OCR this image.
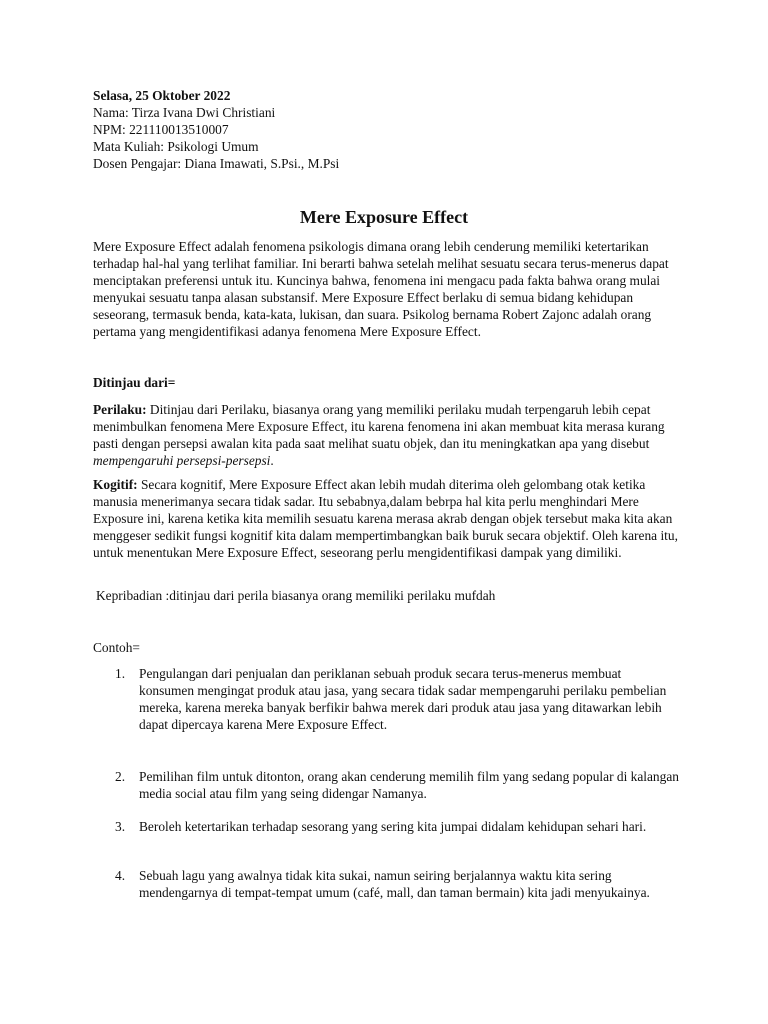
Selasa, 25 Oktober 2022
Nama: Tirza Ivana Dwi Christiani
NPM: 221110013510007
Mata Kuliah: Psikologi Umum
Dosen Pengajar: Diana Imawati, S.Psi., M.Psi
Mere Exposure Effect

Mere Exposure Effect adalah fenomena psikologis dimana orang lebih cenderung memiliki ketertarikan terhadap hal-hal yang terlihat familiar. Ini berarti bahwa setelah melihat sesuatu secara terus-menerus dapat menciptakan preferensi untuk itu. Kuncinya bahwa, fenomena ini mengacu pada fakta bahwa orang mulai menyukai sesuatu tanpa alasan substansif. Mere Exposure Effect berlaku di semua bidang kehidupan seseorang, termasuk benda, kata-kata, lukisan, dan suara. Psikolog bernama Robert Zajonc adalah orang pertama yang mengidentifikasi adanya fenomena Mere Exposure Effect.

Ditinjau dari=

Perilaku: Ditinjau dari Perilaku, biasanya orang yang memiliki perilaku mudah terpengaruh lebih cepat menimbulkan fenomena Mere Exposure Effect, itu karena fenomena ini akan membuat kita merasa kurang pasti dengan persepsi awalan kita pada saat melihat suatu objek, dan itu meningkatkan apa yang disebut mempengaruhi persepsi-persepsi.

Kogitif: Secara kognitif, Mere Exposure Effect akan lebih mudah diterima oleh gelombang otak ketika manusia menerimanya secara tidak sadar. Itu sebabnya,dalam bebrpa hal kita perlu menghindari Mere Exposure ini, karena ketika kita memilih sesuatu karena merasa akrab dengan objek tersebut maka kita akan menggeser sedikit fungsi kognitif kita dalam mempertimbangkan baik buruk secara objektif. Oleh karena itu, untuk menentukan Mere Exposure Effect, seseorang perlu mengidentifikasi dampak yang dimiliki.

Kepribadian :ditinjau dari perila biasanya orang memiliki perilaku mufdah

Contoh=

1. Pengulangan dari penjualan dan periklanan sebuah produk secara terus-menerus membuat konsumen mengingat produk atau jasa, yang secara tidak sadar mempengaruhi perilaku pembelian mereka, karena mereka banyak berfikir bahwa merek dari produk atau jasa yang ditawarkan lebih dapat dipercaya karena Mere Exposure Effect.
2. Pemilihan film untuk ditonton, orang akan cenderung memilih film yang sedang popular di kalangan media social atau film yang seing didengar Namanya.
3. Beroleh ketertarikan terhadap sesorang yang sering kita jumpai didalam kehidupan sehari hari.
4. Sebuah lagu yang awalnya tidak kita sukai, namun seiring berjalannya waktu kita sering mendengarnya di tempat-tempat umum (café, mall, dan taman bermain) kita jadi menyukainya.
